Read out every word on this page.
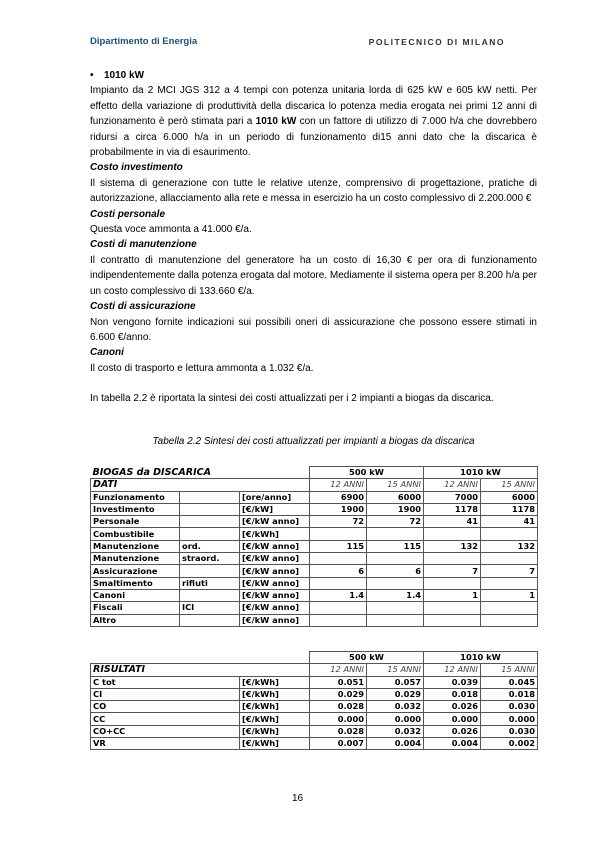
Dipartimento di Energia	POLITECNICO DI MILANO

• 1010 kW

Impianto da 2 MCI JGS 312 a 4 tempi con potenza unitaria lorda di 625 kW e 605 kW netti. Per effetto della variazione di produttività della discarica lo potenza media erogata nei primi 12 anni di funzionamento è però stimata pari a 1010 kW con un fattore di utilizzo di 7.000 h/a che dovrebbero ridursi a circa 6.000 h/a in un periodo di funzionamento di15 anni dato che la discarica è probabilmente in via di esaurimento.

Costo investimento

Il sistema di generazione con tutte le relative utenze, comprensivo di progettazione, pratiche di autorizzazione, allacciamento alla rete e messa in esercizio ha un costo complessivo di 2.200.000 €

Costi personale

Questa voce ammonta a 41.000 €/a.

Costi di manutenzione

Il contratto di manutenzione del generatore ha un costo di 16,30 € per ora di funzionamento indipendentemente dalla potenza erogata dal motore. Mediamente il sistema opera per 8.200 h/a per un costo complessivo di 133.660 €/a.

Costi di assicurazione

Non vengono fornite indicazioni sui possibili oneri di assicurazione che possono essere stimati in 6.600 €/anno.

Canoni

Il costo di trasporto e lettura ammonta a 1.032 €/a.

In tabella 2.2 è riportata la sintesi dei costi attualizzati per i 2 impianti a biogas da discarica.

Tabella 2.2 Sintesi dei costi attualizzati per impianti a biogas da discarica
BIOGAS da DISCARICA			500 kW		1010 kW	
DATI			12 ANNI	15 ANNI	12 ANNI	15 ANNI
Funzionamento		[ore/anno]	6900	6000	7000	6000
Investimento		[€/kW]	1900	1900	1178	1178
Personale		[€/kW anno]	72	72	41	41
Combustibile		[€/kWh]				
Manutenzione	ord.	[€/kW anno]	115	115	132	132
Manutenzione	straord.	[€/kW anno]				
Assicurazione		[€/kW anno]	6	6	7	7
Smaltimento	rifiuti	[€/kW anno]				
Canoni		[€/kW anno]	1.4	1.4	1	1
Fiscali	ICI	[€/kW anno]				
Altro		[€/kW anno]				
		500 kW		1010 kW	
RISULTATI		12 ANNI	15 ANNI	12 ANNI	15 ANNI
C tot	[€/kWh]	0.051	0.057	0.039	0.045
CI	[€/kWh]	0.029	0.029	0.018	0.018
CO	[€/kWh]	0.028	0.032	0.026	0.030
CC	[€/kWh]	0.000	0.000	0.000	0.000
CO+CC	[€/kWh]	0.028	0.032	0.026	0.030
VR	[€/kWh]	0.007	0.004	0.004	0.002
16
